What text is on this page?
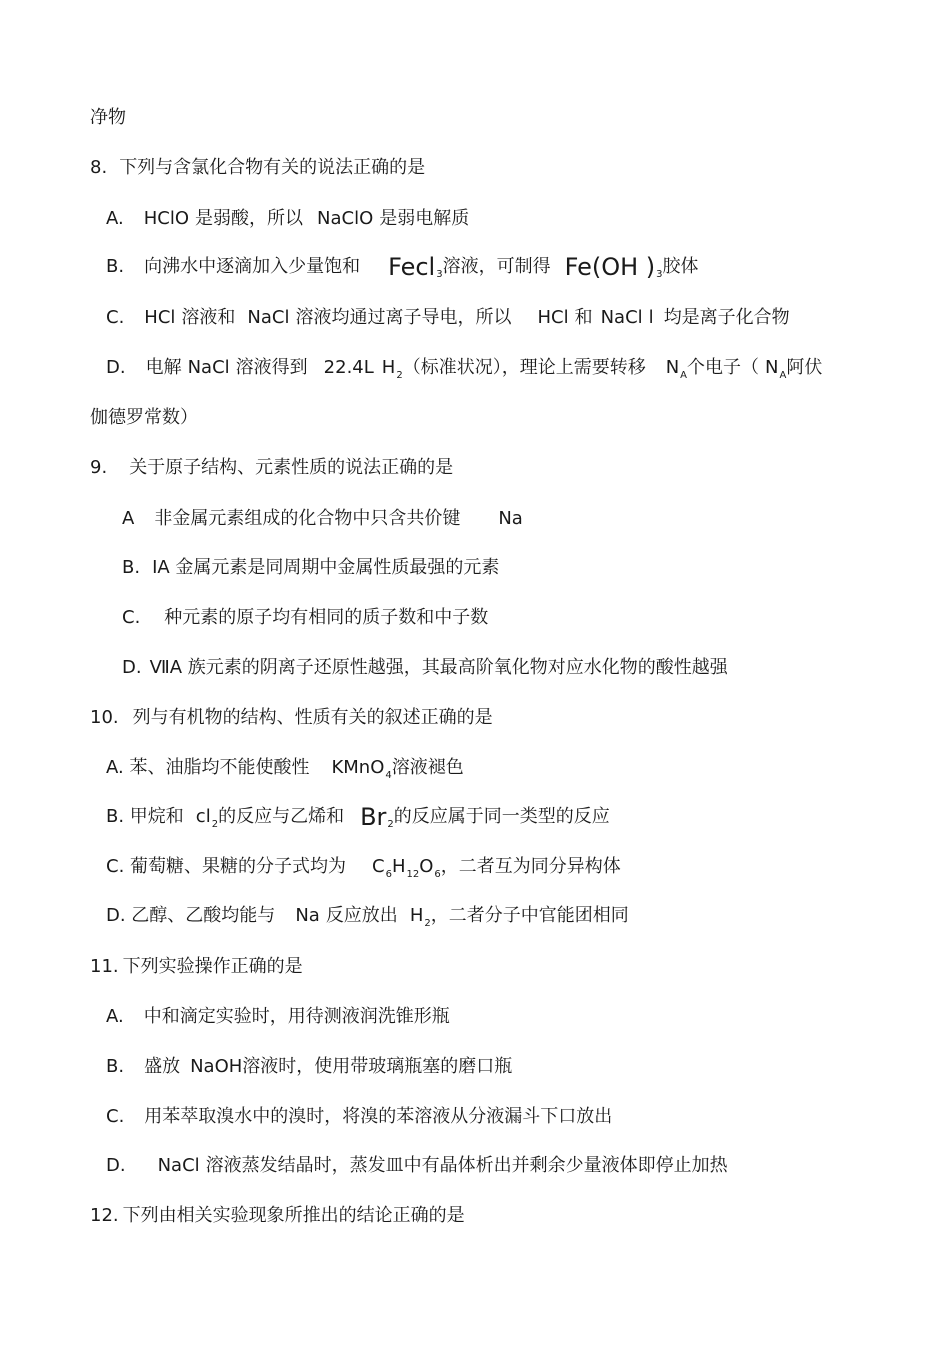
净物
8. 下列与含氯化合物有关的说法正确的是
A. HClO 是弱酸，所以 NaClO 是弱电解质
B. 向沸水中逐滴加入少量饱和 Fecl$_3$溶液，可制得 Fe(OH )$_3$胶体
C. HCl 溶液和 NaCl 溶液均通过离子导电，所以 HCl 和 NaCl l 均是离子化合物
D. 电解 NaCl 溶液得到 22.4L $H_2$（标准状况），理论上需要转移 $N_A$个电子（ $N_A$阿伏
伽德罗常数）
9. 关于原子结构、元素性质的说法正确的是
A 非金属元素组成的化合物中只含共价键 Na
B. ⅠA 金属元素是同周期中金属性质最强的元素
C. 种元素的原子均有相同的质子数和中子数
D. ⅦA 族元素的阴离子还原性越强，其最高阶氧化物对应水化物的酸性越强
10. 列与有机物的结构、性质有关的叙述正确的是
A. 苯、油脂均不能使酸性 KMnO$_4$溶液褪色
B. 甲烷和 $cl_2$的反应与乙烯和 $Br_2$的反应属于同一类型的反应
C. 葡萄糖、果糖的分子式均为 $C_6H_{12}O_6$，二者互为同分异构体
D. 乙醇、乙酸均能与 Na 反应放出 $H_2$，二者分子中官能团相同
11. 下列实验操作正确的是
A. 中和滴定实验时，用待测液润洗锥形瓶
B. 盛放 NaOH溶液时，使用带玻璃瓶塞的磨口瓶
C. 用苯萃取溴水中的溴时，将溴的苯溶液从分液漏斗下口放出
D. NaCl 溶液蒸发结晶时，蒸发皿中有晶体析出并剩余少量液体即停止加热
12. 下列由相关实验现象所推出的结论正确的是
